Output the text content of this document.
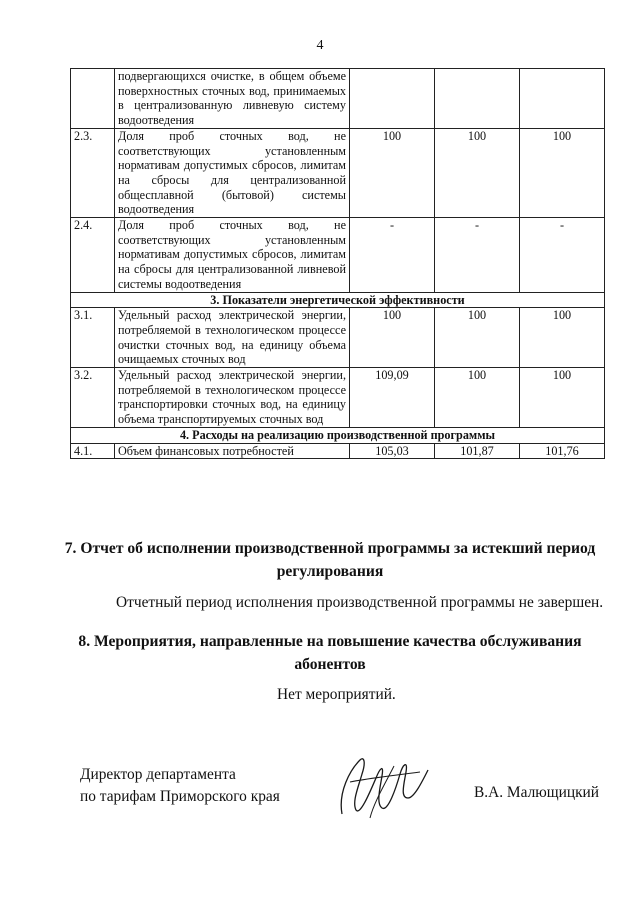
4
	подвергающихся очистке, в общем объеме поверхностных сточных вод, принимаемых в централизованную ливневую систему водоотведения			
2.3.	Доля проб сточных вод, не соответствующих установленным нормативам допустимых сбросов, лимитам на сбросы для централизованной общесплавной (бытовой) системы водоотведения	100	100	100
2.4.	Доля проб сточных вод, не соответствующих установленным нормативам допустимых сбросов, лимитам на сбросы для централизованной ливневой системы водоотведения	-	-	-
3. Показатели энергетической эффективности				
3.1.	Удельный расход электрической энергии, потребляемой в технологическом процессе очистки сточных вод, на единицу объема очищаемых сточных вод	100	100	100
3.2.	Удельный расход электрической энергии, потребляемой в технологическом процессе транспортировки сточных вод, на единицу объема транспортируемых сточных вод	109,09	100	100
4. Расходы на реализацию производственной программы				
4.1.	Объем финансовых потребностей	105,03	101,87	101,76
7. Отчет об исполнении производственной программы за истекший период регулирования
Отчетный период исполнения производственной программы не завершен.
8. Мероприятия, направленные на повышение качества обслуживания абонентов
Нет мероприятий.
Директор департамента
по тарифам Приморского края	В.А. Малющицкий
